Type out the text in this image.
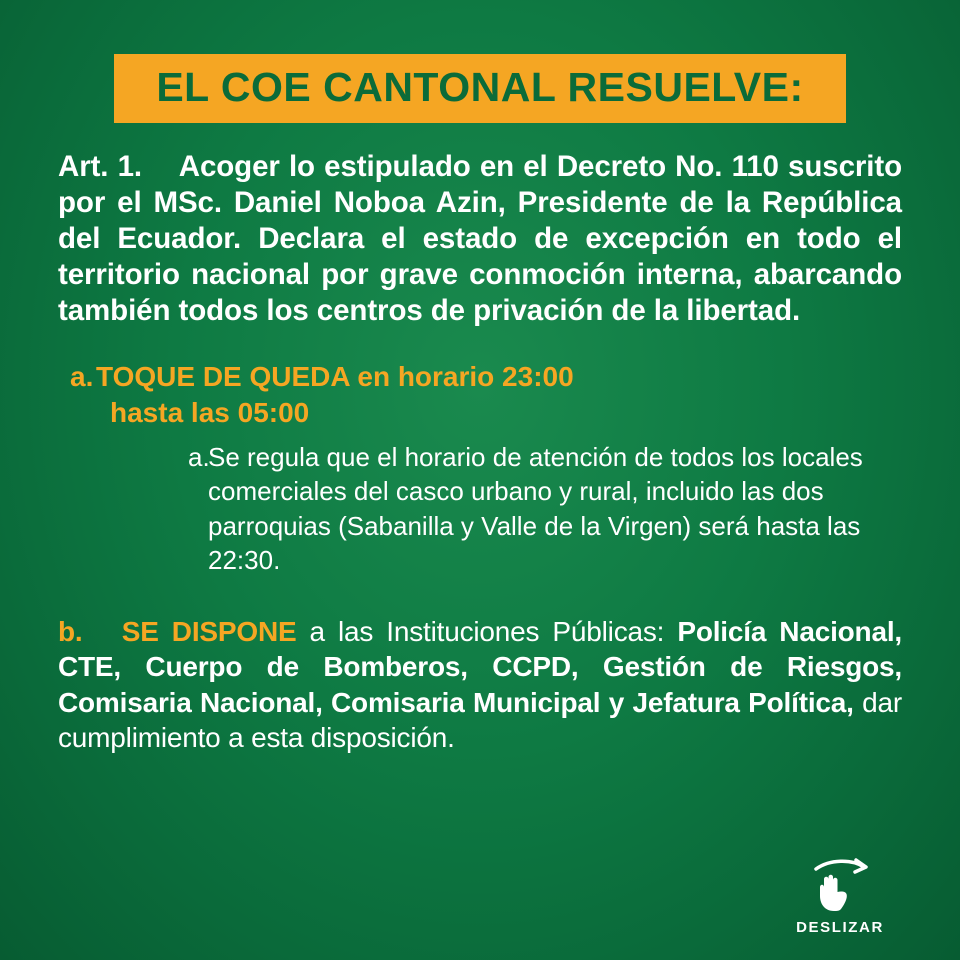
EL COE CANTONAL RESUELVE:
Art. 1. Acoger lo estipulado en el Decreto No. 110 suscrito por el MSc. Daniel Noboa Azin, Presidente de la República del Ecuador. Declara el estado de excepción en todo el territorio nacional por grave conmoción interna, abarcando también todos los centros de privación de la libertad.
a.TOQUE DE QUEDA en horario 23:00
hasta las 05:00
a.
Se regula que el horario de atención de todos los locales comerciales del casco urbano y rural, incluido las dos parroquias (Sabanilla y Valle de la Virgen) será hasta las 22:30.
b. SE DISPONE a las Instituciones Públicas: Policía Nacional, CTE, Cuerpo de Bomberos, CCPD, Gestión de Riesgos, Comisaria Nacional, Comisaria Municipal y Jefatura Política, dar cumplimiento a esta disposición.
DESLIZAR
